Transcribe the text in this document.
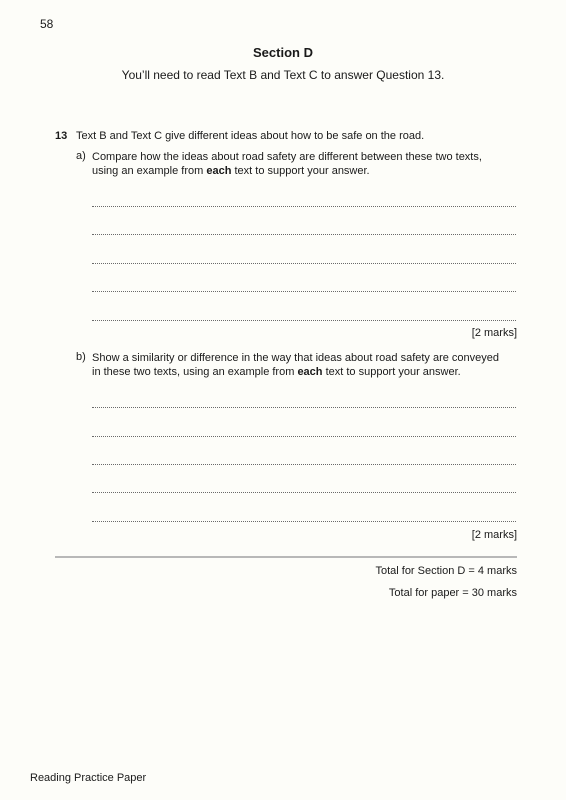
58
Section D
You’ll need to read Text B and Text C to answer Question 13.
13 Text B and Text C give different ideas about how to be safe on the road.
a) Compare how the ideas about road safety are different between these two texts,
using an example from each text to support your answer.
[2 marks]
b) Show a similarity or difference in the way that ideas about road safety are conveyed
in these two texts, using an example from each text to support your answer.
[2 marks]
Total for Section D = 4 marks
Total for paper = 30 marks
Reading Practice Paper
